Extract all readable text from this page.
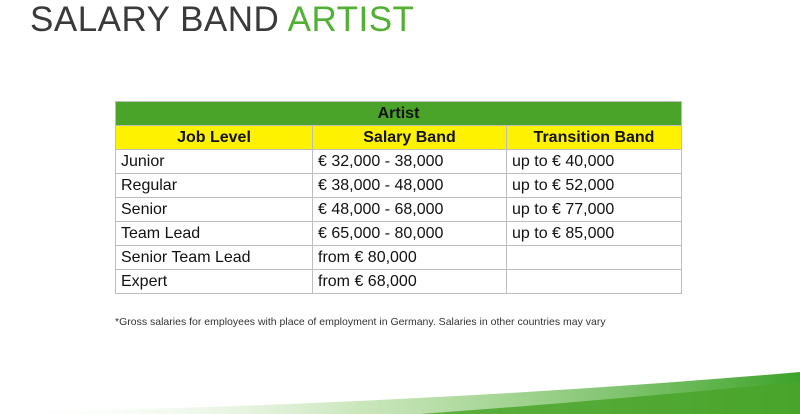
SALARY BAND ARTIST
Artist		
Job Level	Salary Band	Transition Band
Junior	€ 32,000 - 38,000	up to € 40,000
Regular	€ 38,000 - 48,000	up to € 52,000
Senior	€ 48,000 - 68,000	up to € 77,000
Team Lead	€ 65,000 - 80,000	up to € 85,000
Senior Team Lead	from € 80,000	
Expert	from € 68,000	
*Gross salaries for employees with place of employment in Germany. Salaries in other countries may vary
